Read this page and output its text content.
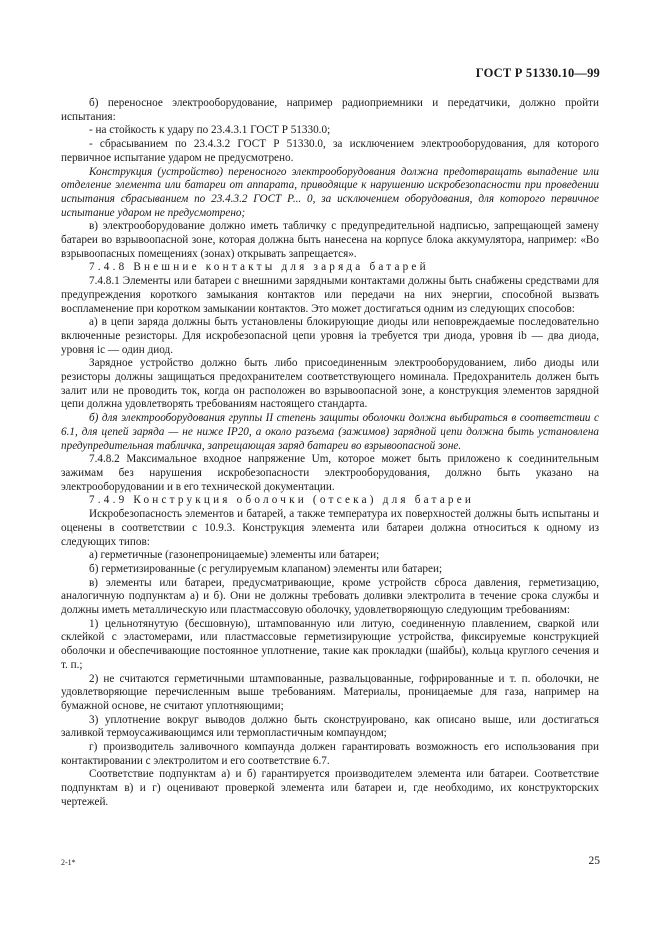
ГОСТ Р 51330.10—99

б) переносное электрооборудование, например радиоприемники и передатчики, должно пройти испытания:

- на стойкость к удару по 23.4.3.1 ГОСТ Р 51330.0;

- сбрасыванием по 23.4.3.2 ГОСТ Р 51330.0, за исключением электрооборудования, для которого первичное испытание ударом не предусмотрено.

Конструкция (устройство) переносного электрооборудования должна предотвращать выпадение или отделение элемента или батареи от аппарата, приводящие к нарушению искробезопасности при проведении испытания сбрасыванием по 23.4.3.2 ГОСТ Р... 0, за исключением оборудования, для которого первичное испытание ударом не предусмотрено;

в) электрооборудование должно иметь табличку с предупредительной надписью, запрещающей замену батареи во взрывоопасной зоне, которая должна быть нанесена на корпусе блока аккумулятора, например: «Во взрывоопасных помещениях (зонах) открывать запрещается».

7.4.8 Внешние контакты для заряда батарей

7.4.8.1 Элементы или батареи с внешними зарядными контактами должны быть снабжены средствами для предупреждения короткого замыкания контактов или передачи на них энергии, способной вызвать воспламенение при коротком замыкании контактов. Это может достигаться одним из следующих способов:

а) в цепи заряда должны быть установлены блокирующие диоды или неповреждаемые последовательно включенные резисторы. Для искробезопасной цепи уровня ia требуется три диода, уровня ib — два диода, уровня ic — один диод.

Зарядное устройство должно быть либо присоединенным электрооборудованием, либо диоды или резисторы должны защищаться предохранителем соответствующего номинала. Предохранитель должен быть залит или не проводить ток, когда он расположен во взрывоопасной зоне, а конструкция элементов зарядной цепи должна удовлетворять требованиям настоящего стандарта.

б) для электрооборудования группы II степень защиты оболочки должна выбираться в соответствии с 6.1, для цепей заряда — не ниже IP20, а около разъема (зажимов) зарядной цепи должна быть установлена предупредительная табличка, запрещающая заряд батареи во взрывоопасной зоне.

7.4.8.2 Максимальное входное напряжение Um, которое может быть приложено к соединительным зажимам без нарушения искробезопасности электрооборудования, должно быть указано на электрооборудовании и в его технической документации.

7.4.9 Конструкция оболочки (отсека) для батареи

Искробезопасность элементов и батарей, а также температура их поверхностей должны быть испытаны и оценены в соответствии с 10.9.3. Конструкция элемента или батареи должна относиться к одному из следующих типов:

а) герметичные (газонепроницаемые) элементы или батареи;

б) герметизированные (с регулируемым клапаном) элементы или батареи;

в) элементы или батареи, предусматривающие, кроме устройств сброса давления, герметизацию, аналогичную подпунктам а) и б). Они не должны требовать доливки электролита в течение срока службы и должны иметь металлическую или пластмассовую оболочку, удовлетворяющую следующим требованиям:

1) цельнотянутую (бесшовную), штампованную или литую, соединенную плавлением, сваркой или склейкой с эластомерами, или пластмассовые герметизирующие устройства, фиксируемые конструкцией оболочки и обеспечивающие постоянное уплотнение, такие как прокладки (шайбы), кольца круглого сечения и т. п.;

2) не считаются герметичными штампованные, развальцованные, гофрированные и т. п. оболочки, не удовлетворяющие перечисленным выше требованиям. Материалы, проницаемые для газа, например на бумажной основе, не считают уплотняющими;

3) уплотнение вокруг выводов должно быть сконструировано, как описано выше, или достигаться заливкой термоусаживающимся или термопластичным компаундом;

г) производитель заливочного компаунда должен гарантировать возможность его использования при контактировании с электролитом и его соответствие 6.7.

Соответствие подпунктам а) и б) гарантируется производителем элемента или батареи. Соответствие подпунктам в) и г) оценивают проверкой элемента или батареи и, где необходимо, их конструкторских чертежей.

2-1*	25
